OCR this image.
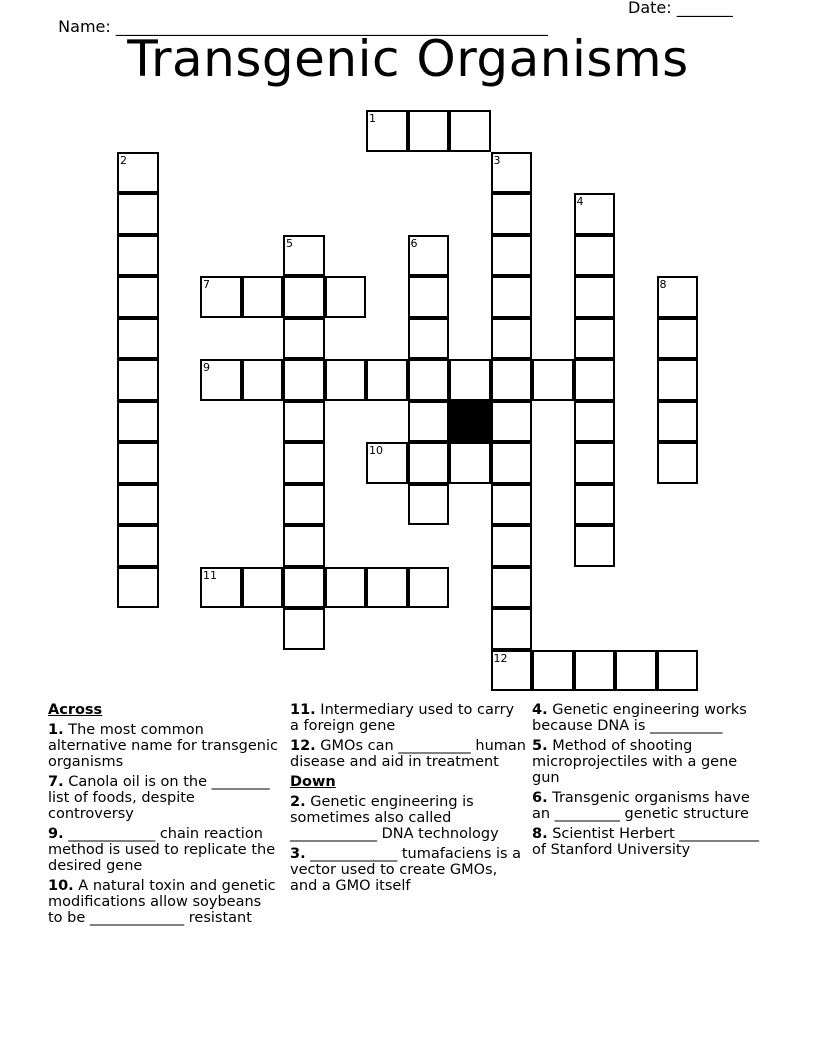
Name: ______________________________________________________

Date: _______

Transgenic Organisms
1
2	3
4
5	6
7	8
9
10
11
12
Across
1. The most common alternative name for transgenic organisms
7. Canola oil is on the ________ list of foods, despite controversy
9. ____________ chain reaction method is used to replicate the desired gene
10. A natural toxin and genetic modifications allow soybeans to be _____________ resistant
11. Intermediary used to carry a foreign gene
12. GMOs can __________ human disease and aid in treatment
Down
2. Genetic engineering is sometimes also called ____________ DNA technology
3. ____________ tumafaciens is a vector used to create GMOs, and a GMO itself
4. Genetic engineering works because DNA is __________
5. Method of shooting microprojectiles with a gene gun
6. Transgenic organisms have an _________ genetic structure
8. Scientist Herbert ___________ of Stanford University
